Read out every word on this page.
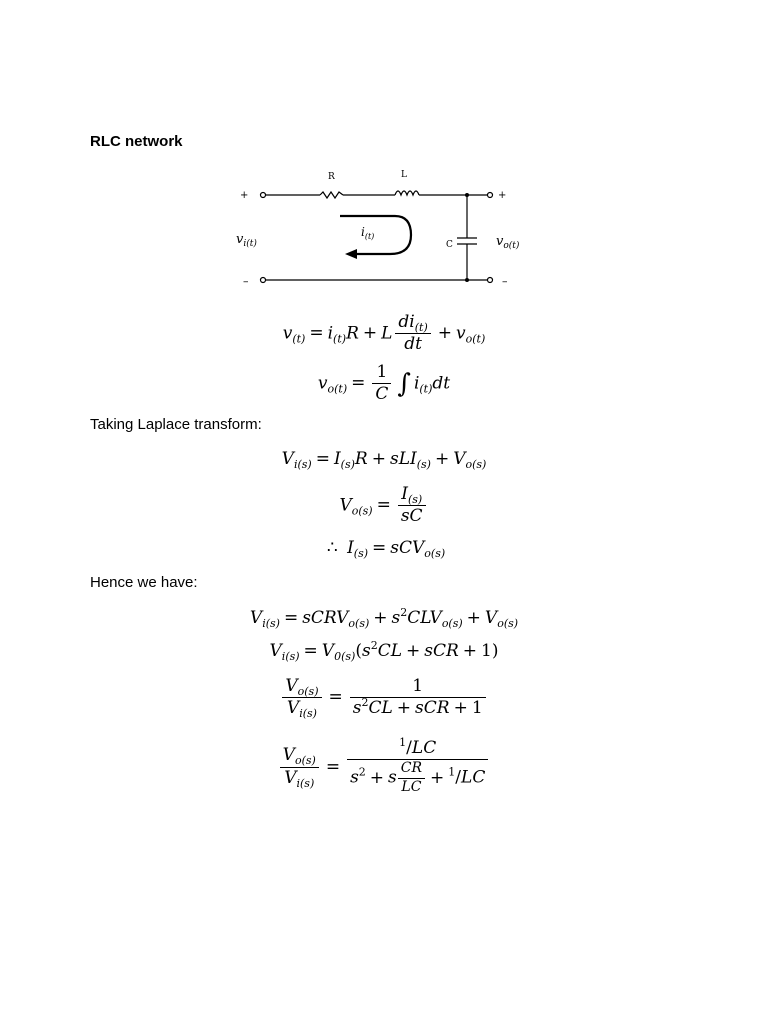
RLC network
R	L
C
+	+
–	–
$v_{i(t)}$	$v_{o(t)}$
$i_{(t)}$
$v_{(t)} = i_{(t)}R + L \frac{di_{(t)}}{dt} + v_{o(t)}$
$v_{o(t)} = \frac{1}{C}$ ∫ $i_{(t)}dt$
Taking Laplace transform:
$V_{i(s)} = I_{(s)}R + sLI_{(s)} + V_{o(s)}$
$V_{o(s)} = \frac{I_{(s)}}{sC}$
∴ $I_{(s)} = sCV_{o(s)}$
Hence we have:
$V_{i(s)}$ = sCRV$_{o(s)}$ + $s^2CLV_{o(s)} + V_{o(s)}$
$V_{i(s)} = V_{0(s)}(s^2CL$ + sCR + 1)
$\frac{V_{o(s)}}{V_{i(s)}} = \frac{1}{s^2CL + sCR + 1}$
$\frac{V_{o(s)}}{V_{i(s)}} = \frac{^1/LC}{s^2 + s \frac{CR}{LC} + ^1/LC}$
